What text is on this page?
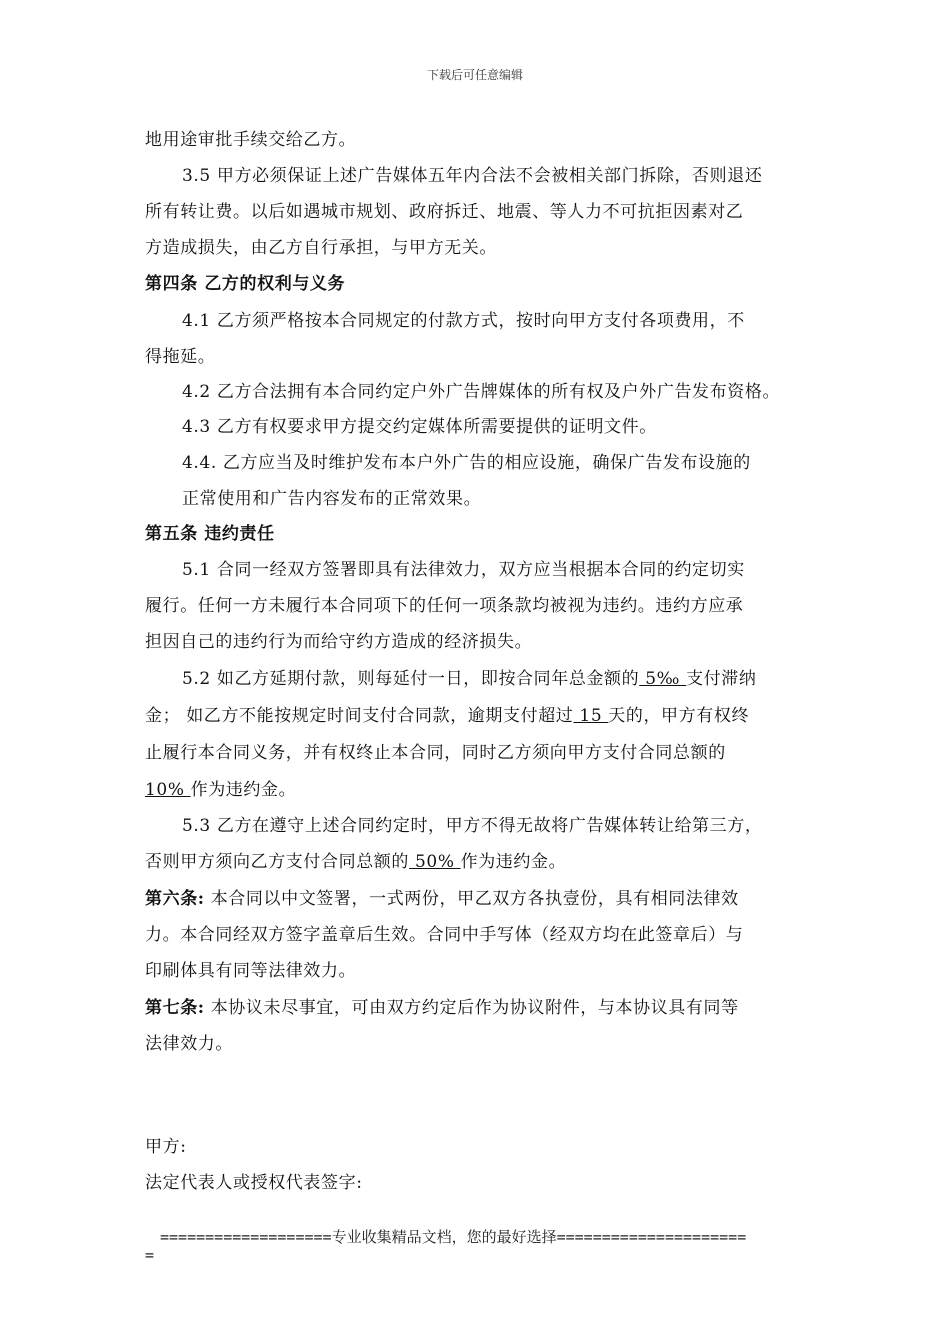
下载后可任意编辑
地用途审批手续交给乙方。
3.5 甲方必须保证上述广告媒体五年内合法不会被相关部门拆除，否则退还
所有转让费。以后如遇城市规划、政府拆迁、地震、等人力不可抗拒因素对乙
方造成损失，由乙方自行承担，与甲方无关。
第四条 乙方的权利与义务
4.1 乙方须严格按本合同规定的付款方式，按时向甲方支付各项费用，不
得拖延。
4.2 乙方合法拥有本合同约定户外广告牌媒体的所有权及户外广告发布资格。
4.3 乙方有权要求甲方提交约定媒体所需要提供的证明文件。
4.4. 乙方应当及时维护发布本户外广告的相应设施，确保广告发布设施的
正常使用和广告内容发布的正常效果。
第五条 违约责任
5.1 合同一经双方签署即具有法律效力，双方应当根据本合同的约定切实
履行。任何一方未履行本合同项下的任何一项条款均被视为违约。违约方应承
担因自己的违约行为而给守约方造成的经济损失。
5.2 如乙方延期付款，则每延付一日，即按合同年总金额的 5‰ 支付滞纳
金； 如乙方不能按规定时间支付合同款，逾期支付超过 15 天的，甲方有权终
止履行本合同义务，并有权终止本合同，同时乙方须向甲方支付合同总额的
10% 作为违约金。
5.3 乙方在遵守上述合同约定时，甲方不得无故将广告媒体转让给第三方，
否则甲方须向乙方支付合同总额的 50% 作为违约金。
第六条: 本合同以中文签署，一式两份，甲乙双方各执壹份，具有相同法律效
力。本合同经双方签字盖章后生效。合同中手写体（经双方均在此签章后）与
印刷体具有同等法律效力。
第七条: 本协议未尽事宜，可由双方约定后作为协议附件，与本协议具有同等
法律效力。
甲方:
法定代表人或授权代表签字:
===================专业收集精品文档，您的最好选择=====================
=
